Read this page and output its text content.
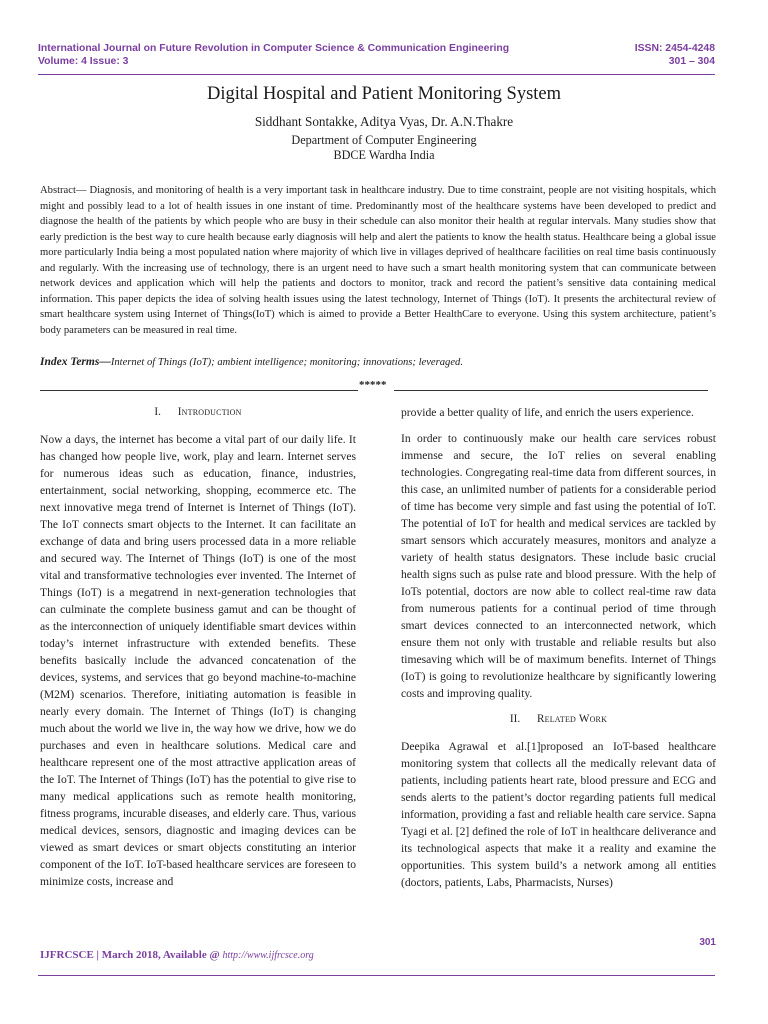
International Journal on Future Revolution in Computer Science & Communication Engineering
Volume: 4 Issue: 3
ISSN: 2454-4248
301 – 304
Digital Hospital and Patient Monitoring System
Siddhant Sontakke, Aditya Vyas, Dr. A.N.Thakre
Department of Computer Engineering
BDCE Wardha India
Abstract— Diagnosis, and monitoring of health is a very important task in healthcare industry. Due to time constraint, people are not visiting hospitals, which might and possibly lead to a lot of health issues in one instant of time. Predominantly most of the healthcare systems have been developed to predict and diagnose the health of the patients by which people who are busy in their schedule can also monitor their health at regular intervals. Many studies show that early prediction is the best way to cure health because early diagnosis will help and alert the patients to know the health status. Healthcare being a global issue more particularly India being a most populated nation where majority of which live in villages deprived of healthcare facilities on real time basis continuously and regularly. With the increasing use of technology, there is an urgent need to have such a smart health monitoring system that can communicate between network devices and application which will help the patients and doctors to monitor, track and record the patient’s sensitive data containing medical information. This paper depicts the idea of solving health issues using the latest technology, Internet of Things (IoT). It presents the architectural review of smart healthcare system using Internet of Things(IoT) which is aimed to provide a Better HealthCare to everyone. Using this system architecture, patient’s body parameters can be measured in real time.
Index Terms—Internet of Things (IoT); ambient intelligence; monitoring; innovations; leveraged.
*****
I. Introduction

Now a days, the internet has become a vital part of our daily life. It has changed how people live, work, play and learn. Internet serves for numerous ideas such as education, finance, industries, entertainment, social networking, shopping, ecommerce etc. The next innovative mega trend of Internet is Internet of Things (IoT). The IoT connects smart objects to the Internet. It can facilitate an exchange of data and bring users processed data in a more reliable and secured way. The Internet of Things (IoT) is one of the most vital and transformative technologies ever invented. The Internet of Things (IoT) is a megatrend in next-generation technologies that can culminate the complete business gamut and can be thought of as the interconnection of uniquely identifiable smart devices within today’s internet infrastructure with extended benefits. These benefits basically include the advanced concatenation of the devices, systems, and services that go beyond machine-to-machine (M2M) scenarios. Therefore, initiating automation is feasible in nearly every domain. The Internet of Things (IoT) is changing much about the world we live in, the way how we drive, how we do purchases and even in healthcare solutions. Medical care and healthcare represent one of the most attractive application areas of the IoT. The Internet of Things (IoT) has the potential to give rise to many medical applications such as remote health monitoring, fitness programs, incurable diseases, and elderly care. Thus, various medical devices, sensors, diagnostic and imaging devices can be viewed as smart devices or smart objects constituting an interior component of the IoT. IoT-based healthcare services are foreseen to minimize costs, increase and

provide a better quality of life, and enrich the users experience.

In order to continuously make our health care services robust immense and secure, the IoT relies on several enabling technologies. Congregating real-time data from different sources, in this case, an unlimited number of patients for a considerable period of time has become very simple and fast using the potential of IoT. The potential of IoT for health and medical services are tackled by smart sensors which accurately measures, monitors and analyze a variety of health status designators. These include basic crucial health signs such as pulse rate and blood pressure. With the help of IoTs potential, doctors are now able to collect real-time raw data from numerous patients for a continual period of time through smart devices connected to an interconnected network, which ensure them not only with trustable and reliable results but also timesaving which will be of maximum benefits. Internet of Things (IoT) is going to revolutionize healthcare by significantly lowering costs and improving quality.

II. Related Work

Deepika Agrawal et al.[1]proposed an IoT-based healthcare monitoring system that collects all the medically relevant data of patients, including patients heart rate, blood pressure and ECG and sends alerts to the patient’s doctor regarding patients full medical information, providing a fast and reliable health care service. Sapna Tyagi et al. [2] defined the role of IoT in healthcare deliverance and its technological aspects that make it a reality and examine the opportunities. This system build’s a network among all entities (doctors, patients, Labs, Pharmacists, Nurses)

301
IJFRCSCE | March 2018, Available @ http://www.ijfrcsce.org
